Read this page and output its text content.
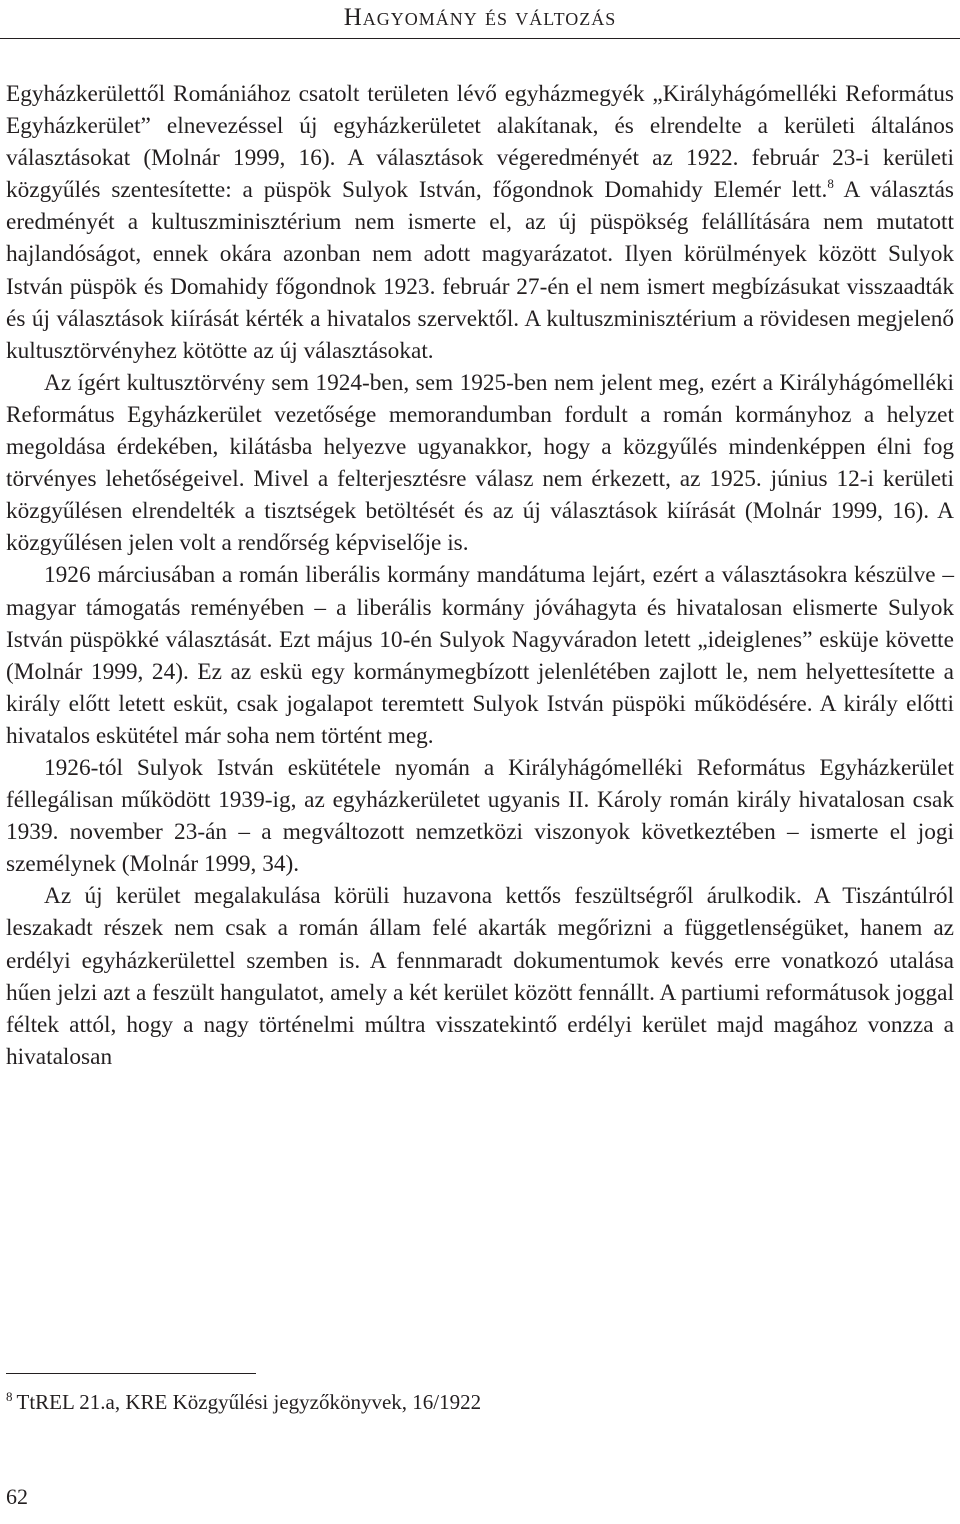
Hagyomány és változás

Egyházkerülettől Romániához csatolt területen lévő egyházmegyék „Királyhágómelléki Református Egyházkerület” elnevezéssel új egyházkerületet alakítanak, és elrendelte a kerületi általános választásokat (Molnár 1999, 16). A választások végeredményét az 1922. február 23-i kerületi közgyűlés szentesítette: a püspök Sulyok István, főgondnok Domahidy Elemér lett.$^8$ A választás eredményét a kultuszminisztérium nem ismerte el, az új püspökség felállítására nem mutatott hajlandóságot, ennek okára azonban nem adott magyarázatot. Ilyen körülmények között Sulyok István püspök és Domahidy főgondnok 1923. február 27-én el nem ismert megbízásukat visszaadták és új választások kiírását kérték a hivatalos szervektől. A kultuszminisztérium a rövidesen megjelenő kultusztörvényhez kötötte az új választásokat.

Az ígért kultusztörvény sem 1924-ben, sem 1925-ben nem jelent meg, ezért a Királyhágómelléki Református Egyházkerület vezetősége memorandumban fordult a román kormányhoz a helyzet megoldása érdekében, kilátásba helyezve ugyanakkor, hogy a közgyűlés mindenképpen élni fog törvényes lehetőségeivel. Mivel a felterjesztésre válasz nem érkezett, az 1925. június 12-i kerületi közgyűlésen elrendelték a tisztségek betöltését és az új választások kiírását (Molnár 1999, 16). A közgyűlésen jelen volt a rendőrség képviselője is.

1926 márciusában a román liberális kormány mandátuma lejárt, ezért a választásokra készülve – magyar támogatás reményében – a liberális kormány jóváhagyta és hivatalosan elismerte Sulyok István püspökké választását. Ezt május 10-én Sulyok Nagyváradon letett „ideiglenes” esküje követte (Molnár 1999, 24). Ez az eskü egy kormánymegbízott jelenlétében zajlott le, nem helyettesítette a király előtt letett esküt, csak jogalapot teremtett Sulyok István püspöki működésére. A király előtti hivatalos eskütétel már soha nem történt meg.

1926-tól Sulyok István eskütétele nyomán a Királyhágómelléki Református Egyházkerület féllegálisan működött 1939-ig, az egyházkerületet ugyanis II. Károly román király hivatalosan csak 1939. november 23-án – a megváltozott nemzetközi viszonyok következtében – ismerte el jogi személynek (Molnár 1999, 34).

Az új kerület megalakulása körüli huzavona kettős feszültségről árulkodik. A Tiszántúlról leszakadt részek nem csak a román állam felé akarták megőrizni a függetlenségüket, hanem az erdélyi egyházkerülettel szemben is. A fennmaradt dokumentumok kevés erre vonatkozó utalása hűen jelzi azt a feszült hangulatot, amely a két kerület között fennállt. A partiumi reformátusok joggal féltek attól, hogy a nagy történelmi múltra visszatekintő erdélyi kerület majd magához vonzza a hivatalosan

$^8$ TtREL 21.a, KRE Közgyűlési jegyzőkönyvek, 16/1922
62
